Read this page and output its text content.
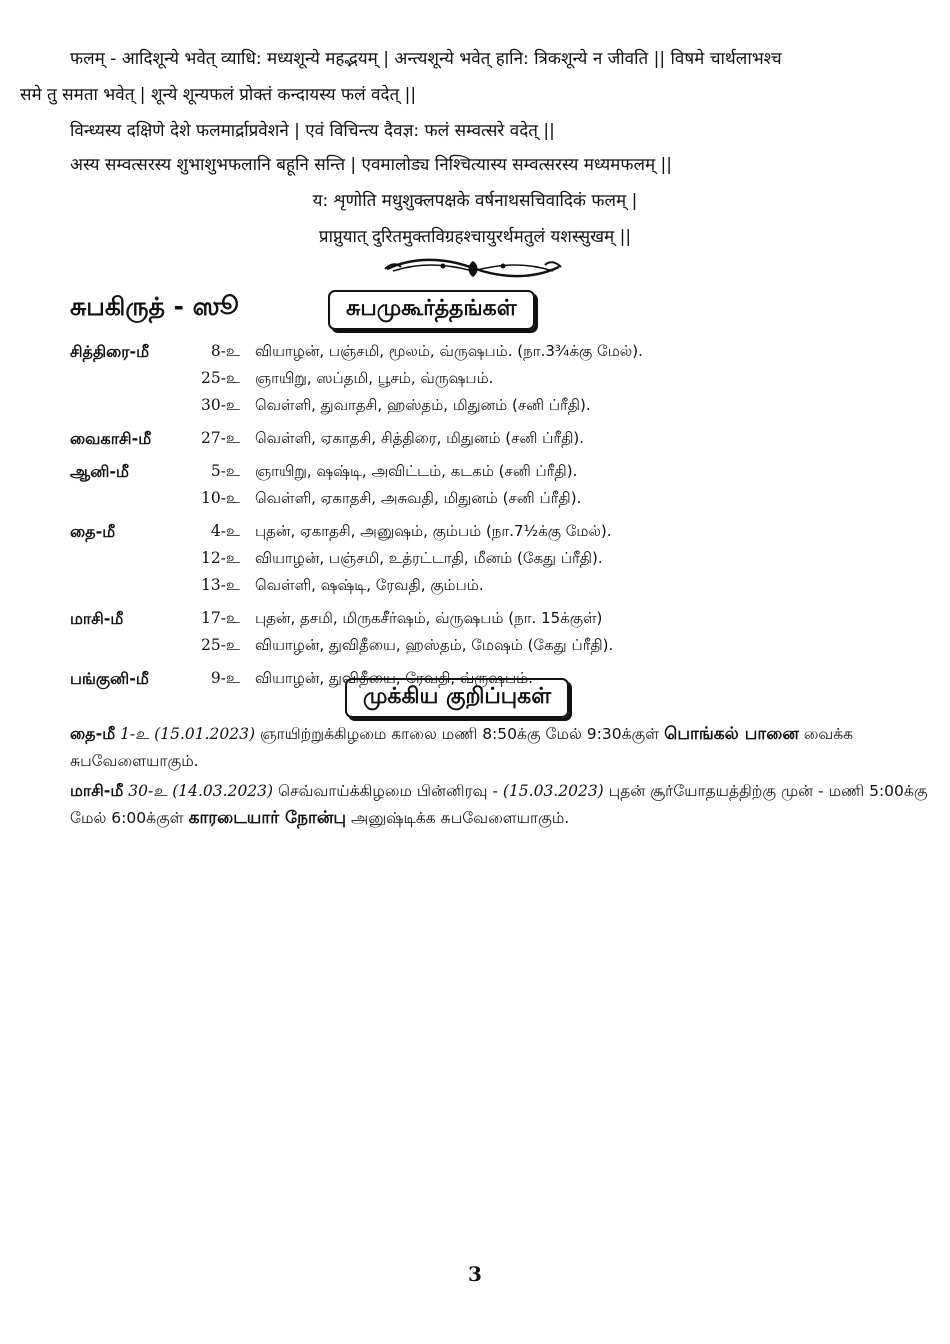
फलम् - आदिशून्ये भवेत् व्याधि: मध्यशून्ये महद्भयम् | अन्त्यशून्ये भवेत् हानि: त्रिकशून्ये न जीवति || विषमे चार्थलाभश्च

समे तु समता भवेत् | शून्ये शून्यफलं प्रोक्तं कन्दायस्य फलं वदेत् ||

विन्ध्यस्य दक्षिणे देशे फलमार्द्राप्रवेशने | एवं विचिन्त्य दैवज्ञ: फलं सम्वत्सरे वदेत् ||

अस्य सम्वत्सरस्य शुभाशुभफलानि बहूनि सन्ति | एवमालोड्य निश्चित्यास्य सम्वत्सरस्य मध्यमफलम् ||

य: शृणोति मधुशुक्लपक्षके वर्षनाथसचिवादिकं फलम् |

प्राप्नुयात् दुरितमुक्तविग्रहश्चायुरर्थमतुलं यशस्सुखम् ||

சுபகிருத் - ஸூ	சுபமுகூர்த்தங்கள்
சித்திரை-மீ	8-உ வியாழன், பஞ்சமி, மூலம், வ்ருஷபம். (நா.3¾க்கு மேல்).
25-உ ஞாயிறு, ஸப்தமி, பூசம், வ்ருஷபம்.
30-உ வெள்ளி, துவாதசி, ஹஸ்தம், மிதுனம் (சனி ப்ரீதி).
வைகாசி-மீ	27-உ வெள்ளி, ஏகாதசி, சித்திரை, மிதுனம் (சனி ப்ரீதி).
ஆனி-மீ	5-உ ஞாயிறு, ஷஷ்டி, அவிட்டம், கடகம் (சனி ப்ரீதி).
10-உ வெள்ளி, ஏகாதசி, அசுவதி, மிதுனம் (சனி ப்ரீதி).
தை-மீ	4-உ புதன், ஏகாதசி, அனுஷம், கும்பம் (நா.7½க்கு மேல்).
12-உ வியாழன், பஞ்சமி, உத்ரட்டாதி, மீனம் (கேது ப்ரீதி).
13-உ வெள்ளி, ஷஷ்டி, ரேவதி, கும்பம்.
மாசி-மீ	17-உ புதன், தசமி, மிருகசீர்ஷம், வ்ருஷபம் (நா. 15க்குள்)
25-உ வியாழன், துவிதீயை, ஹஸ்தம், மேஷம் (கேது ப்ரீதி).
பங்குனி-மீ	9-உ வியாழன், துவிதீயை, ரேவதி, வ்ருஷபம்.
முக்கிய குறிப்புகள்

தை-மீ 1-உ (15.01.2023) ஞாயிற்றுக்கிழமை காலை மணி 8:50க்கு மேல் 9:30க்குள் பொங்கல் பானை வைக்க சுபவேளையாகும்.

மாசி-மீ 30-உ (14.03.2023) செவ்வாய்க்கிழமை பின்னிரவு - (15.03.2023) புதன் சூர்யோதயத்திற்கு முன் - மணி 5:00க்கு மேல் 6:00க்குள் காரடையார் நோன்பு அனுஷ்டிக்க சுபவேளையாகும்.

3
